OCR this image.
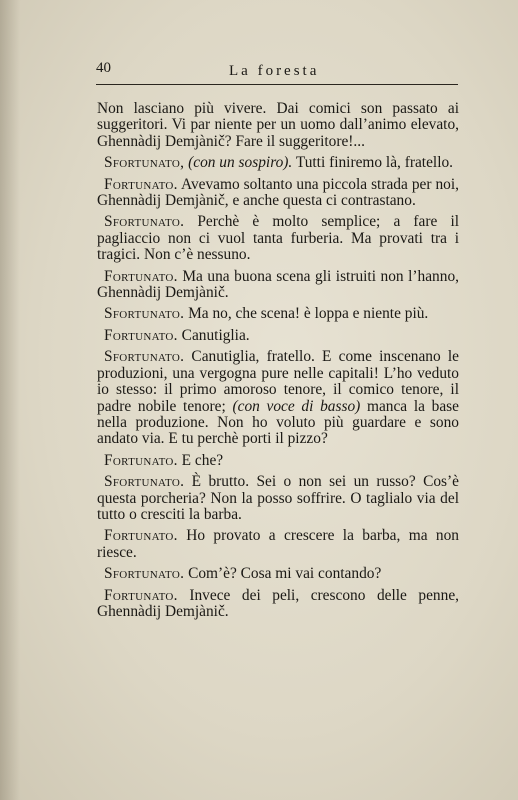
40	La foresta

Non lasciano più vivere. Dai comici son passato ai suggeritori. Vi par niente per un uomo dall’animo elevato, Ghennàdij Demjànič? Fare il suggeritore!...

Sfortunato, (con un sospiro). Tutti finiremo là, fratello.

Fortunato. Avevamo soltanto una piccola strada per noi, Ghennàdij Demjànič, e anche questa ci contrastano.

Sfortunato. Perchè è molto semplice; a fare il pagliaccio non ci vuol tanta furberia. Ma provati tra i tragici. Non c’è nessuno.

Fortunato. Ma una buona scena gli istruiti non l’hanno, Ghennàdij Demjànič.

Sfortunato. Ma no, che scena! è loppa e niente più.

Fortunato. Canutiglia.

Sfortunato. Canutiglia, fratello. E come inscenano le produzioni, una vergogna pure nelle capitali! L’ho veduto io stesso: il primo amoroso tenore, il comico tenore, il padre nobile tenore; (con voce di basso) manca la base nella produzione. Non ho voluto più guardare e sono andato via. E tu perchè porti il pizzo?

Fortunato. E che?

Sfortunato. È brutto. Sei o non sei un russo? Cos’è questa porcheria? Non la posso soffrire. O taglialo via del tutto o cresciti la barba.

Fortunato. Ho provato a crescere la barba, ma non riesce.

Sfortunato. Com’è? Cosa mi vai contando?

Fortunato. Invece dei peli, crescono delle penne, Ghennàdij Demjànič.
